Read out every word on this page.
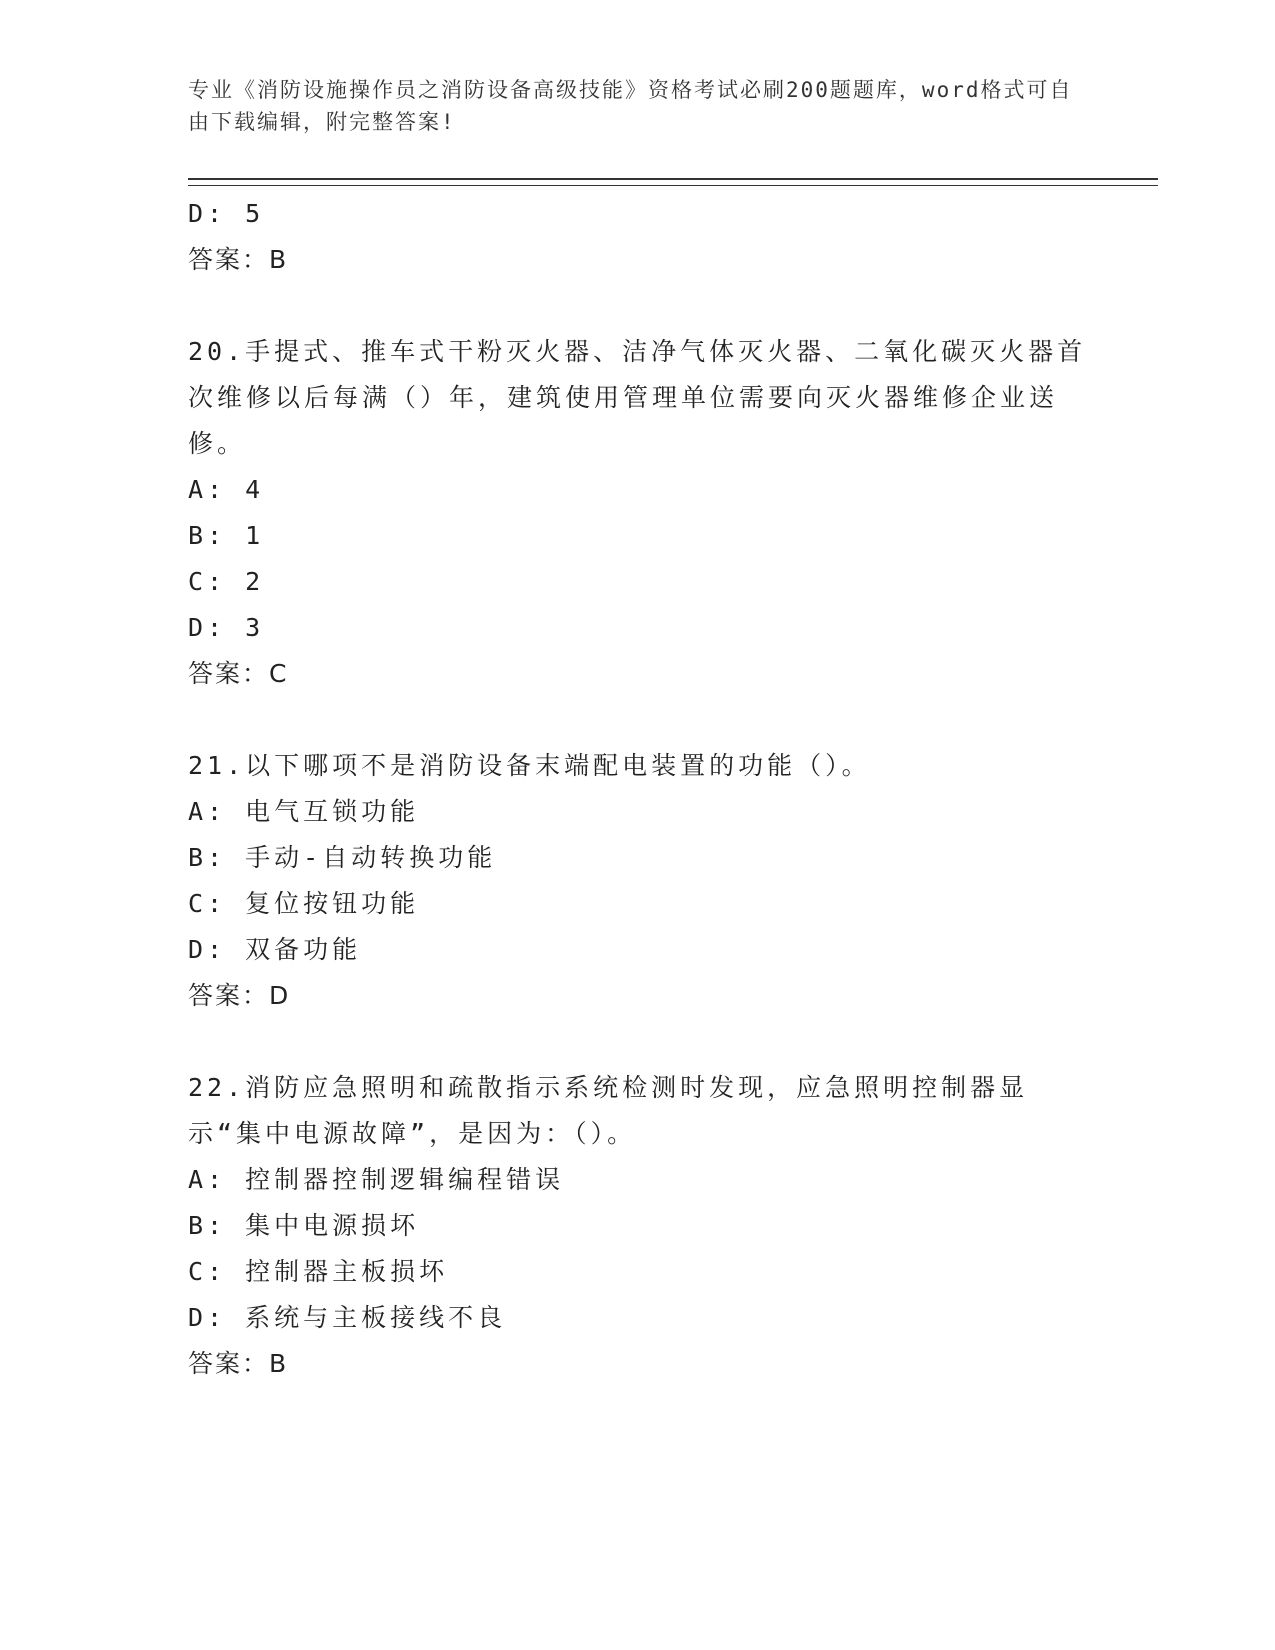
专业《消防设施操作员之消防设备高级技能》资格考试必刷200题题库，word格式可自由下载编辑，附完整答案!

D: 5

答案：B

20.手提式、推车式干粉灭火器、洁净气体灭火器、二氧化碳灭火器首次维修以后每满（）年，建筑使用管理单位需要向灭火器维修企业送修。

A: 4

B: 1

C: 2

D: 3

答案：C

21.以下哪项不是消防设备末端配电装置的功能（）。

A: 电气互锁功能

B: 手动-自动转换功能

C: 复位按钮功能

D: 双备功能

答案：D

22.消防应急照明和疏散指示系统检测时发现，应急照明控制器显示“集中电源故障”，是因为：（）。

A: 控制器控制逻辑编程错误

B: 集中电源损坏

C: 控制器主板损坏

D: 系统与主板接线不良

答案：B
